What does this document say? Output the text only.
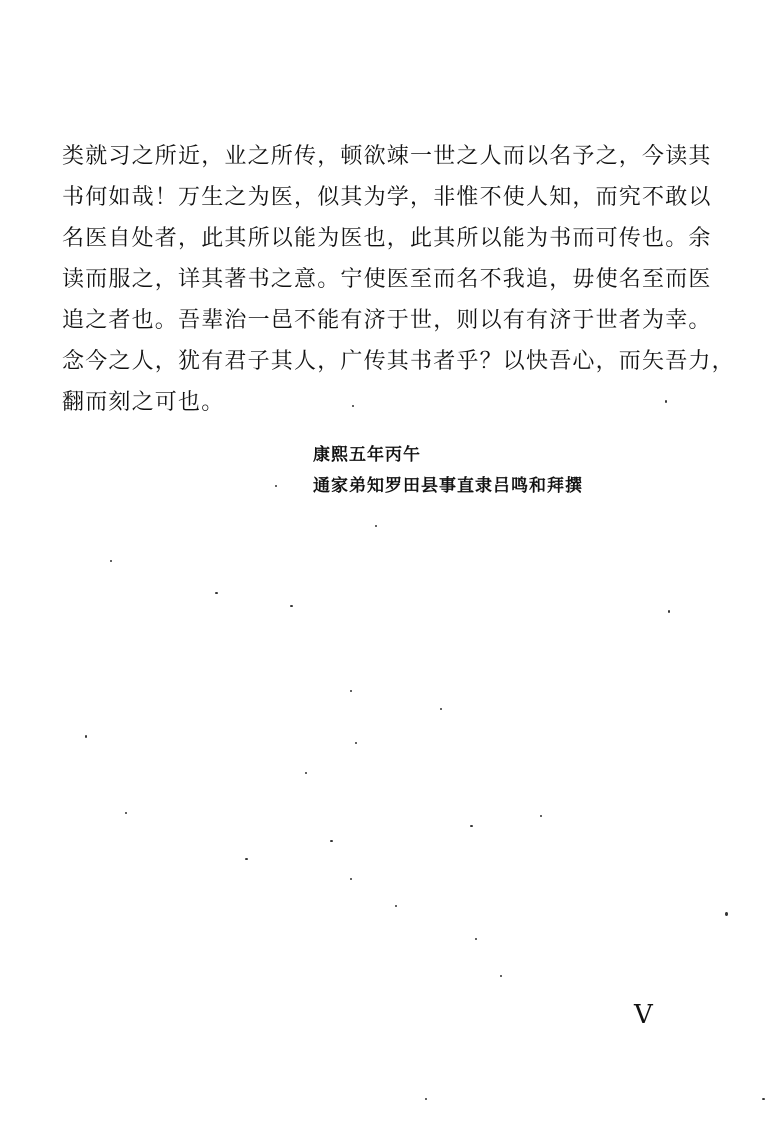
类就习之所近，业之所传，顿欲竦一世之人而以名予之，今读其
书何如哉！万生之为医，似其为学，非惟不使人知，而究不敢以
名医自处者，此其所以能为医也，此其所以能为书而可传也。余
读而服之，详其著书之意。宁使医至而名不我追，毋使名至而医
追之者也。吾辈治一邑不能有济于世，则以有有济于世者为幸。
念今之人，犹有君子其人，广传其书者乎？以快吾心，而矢吾力，
翻而刻之可也。
康熙五年丙午
通家弟知罗田县事直隶吕鸣和拜撰
V
